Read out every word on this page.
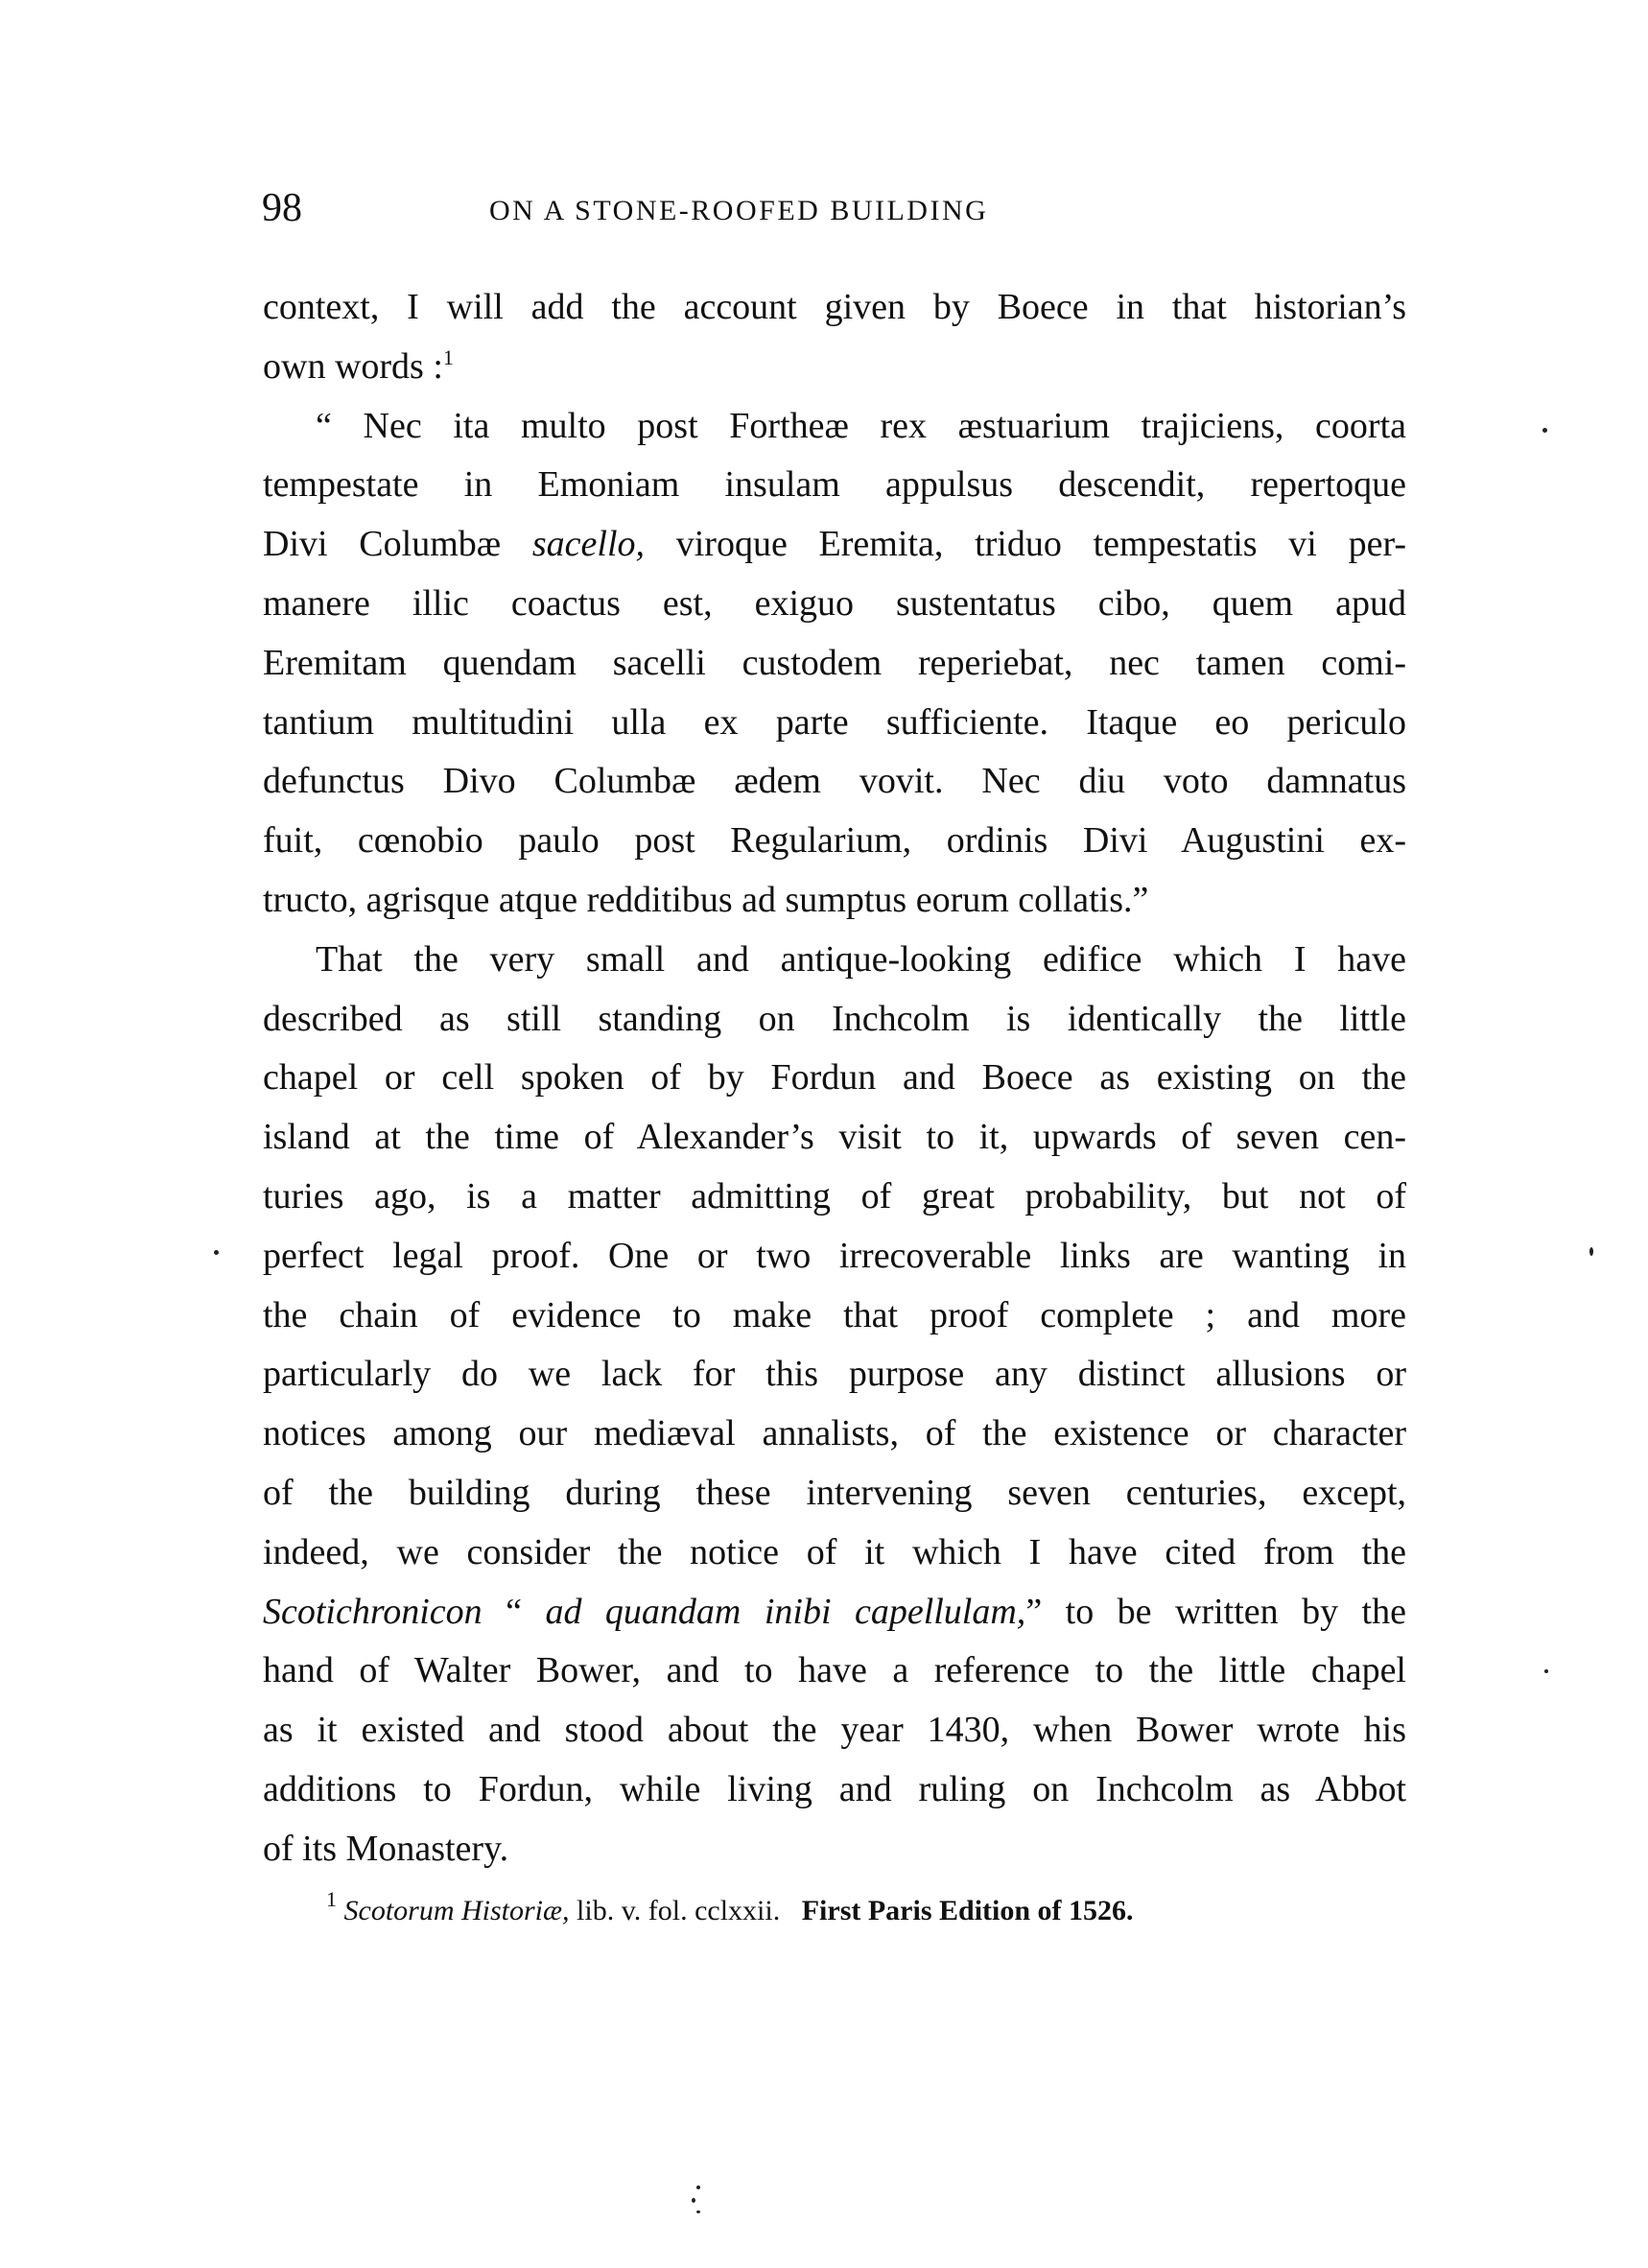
98	ON A STONE-ROOFED BUILDING
context, I will add the account given by Boece in that historian’s
own words :$^1$
“ Nec ita multo post Fortheæ rex æstuarium trajiciens, coorta
tempestate in Emoniam insulam appulsus descendit, repertoque
Divi Columbæ sacello, viroque Eremita, triduo tempestatis vi per-
manere illic coactus est, exiguo sustentatus cibo, quem apud
Eremitam quendam sacelli custodem reperiebat, nec tamen comi-
tantium multitudini ulla ex parte sufficiente. Itaque eo periculo
defunctus Divo Columbæ ædem vovit. Nec diu voto damnatus
fuit, cœnobio paulo post Regularium, ordinis Divi Augustini ex-
tructo, agrisque atque redditibus ad sumptus eorum collatis.”
That the very small and antique-looking edifice which I have
described as still standing on Inchcolm is identically the little
chapel or cell spoken of by Fordun and Boece as existing on the
island at the time of Alexander’s visit to it, upwards of seven cen-
turies ago, is a matter admitting of great probability, but not of
perfect legal proof. One or two irrecoverable links are wanting in
the chain of evidence to make that proof complete ; and more
particularly do we lack for this purpose any distinct allusions or
notices among our mediæval annalists, of the existence or character
of the building during these intervening seven centuries, except,
indeed, we consider the notice of it which I have cited from the
Scotichronicon “ ad quandam inibi capellulam,” to be written by the
hand of Walter Bower, and to have a reference to the little chapel
as it existed and stood about the year 1430, when Bower wrote his
additions to Fordun, while living and ruling on Inchcolm as Abbot
of its Monastery.
$^1$ Scotorum Historiæ, lib. v. fol. cclxxii. First Paris Edition of 1526.
